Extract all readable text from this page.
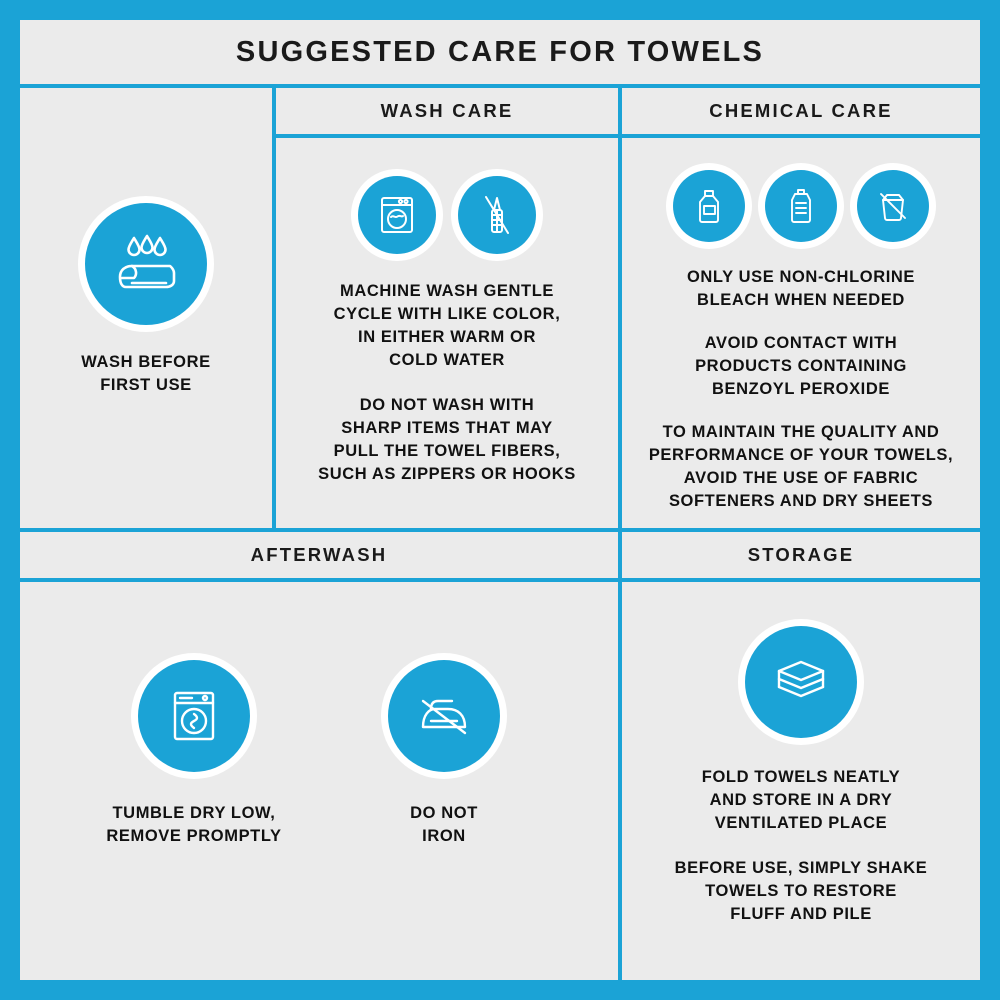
SUGGESTED CARE FOR TOWELS
WASH BEFORE
FIRST USE
WASH CARE
MACHINE WASH GENTLE
CYCLE WITH LIKE COLOR,
IN EITHER WARM OR
COLD WATER
DO NOT WASH WITH
SHARP ITEMS THAT MAY
PULL THE TOWEL FIBERS,
SUCH AS ZIPPERS OR HOOKS
CHEMICAL CARE
ONLY USE NON-CHLORINE
BLEACH WHEN NEEDED
AVOID CONTACT WITH
PRODUCTS CONTAINING
BENZOYL PEROXIDE
TO MAINTAIN THE QUALITY AND
PERFORMANCE OF YOUR TOWELS,
AVOID THE USE OF FABRIC
SOFTENERS AND DRY SHEETS
AFTERWASH
TUMBLE DRY LOW,
REMOVE PROMPTLY
DO NOT
IRON
STORAGE
FOLD TOWELS NEATLY
AND STORE IN A DRY
VENTILATED PLACE
BEFORE USE, SIMPLY SHAKE
TOWELS TO RESTORE
FLUFF AND PILE
